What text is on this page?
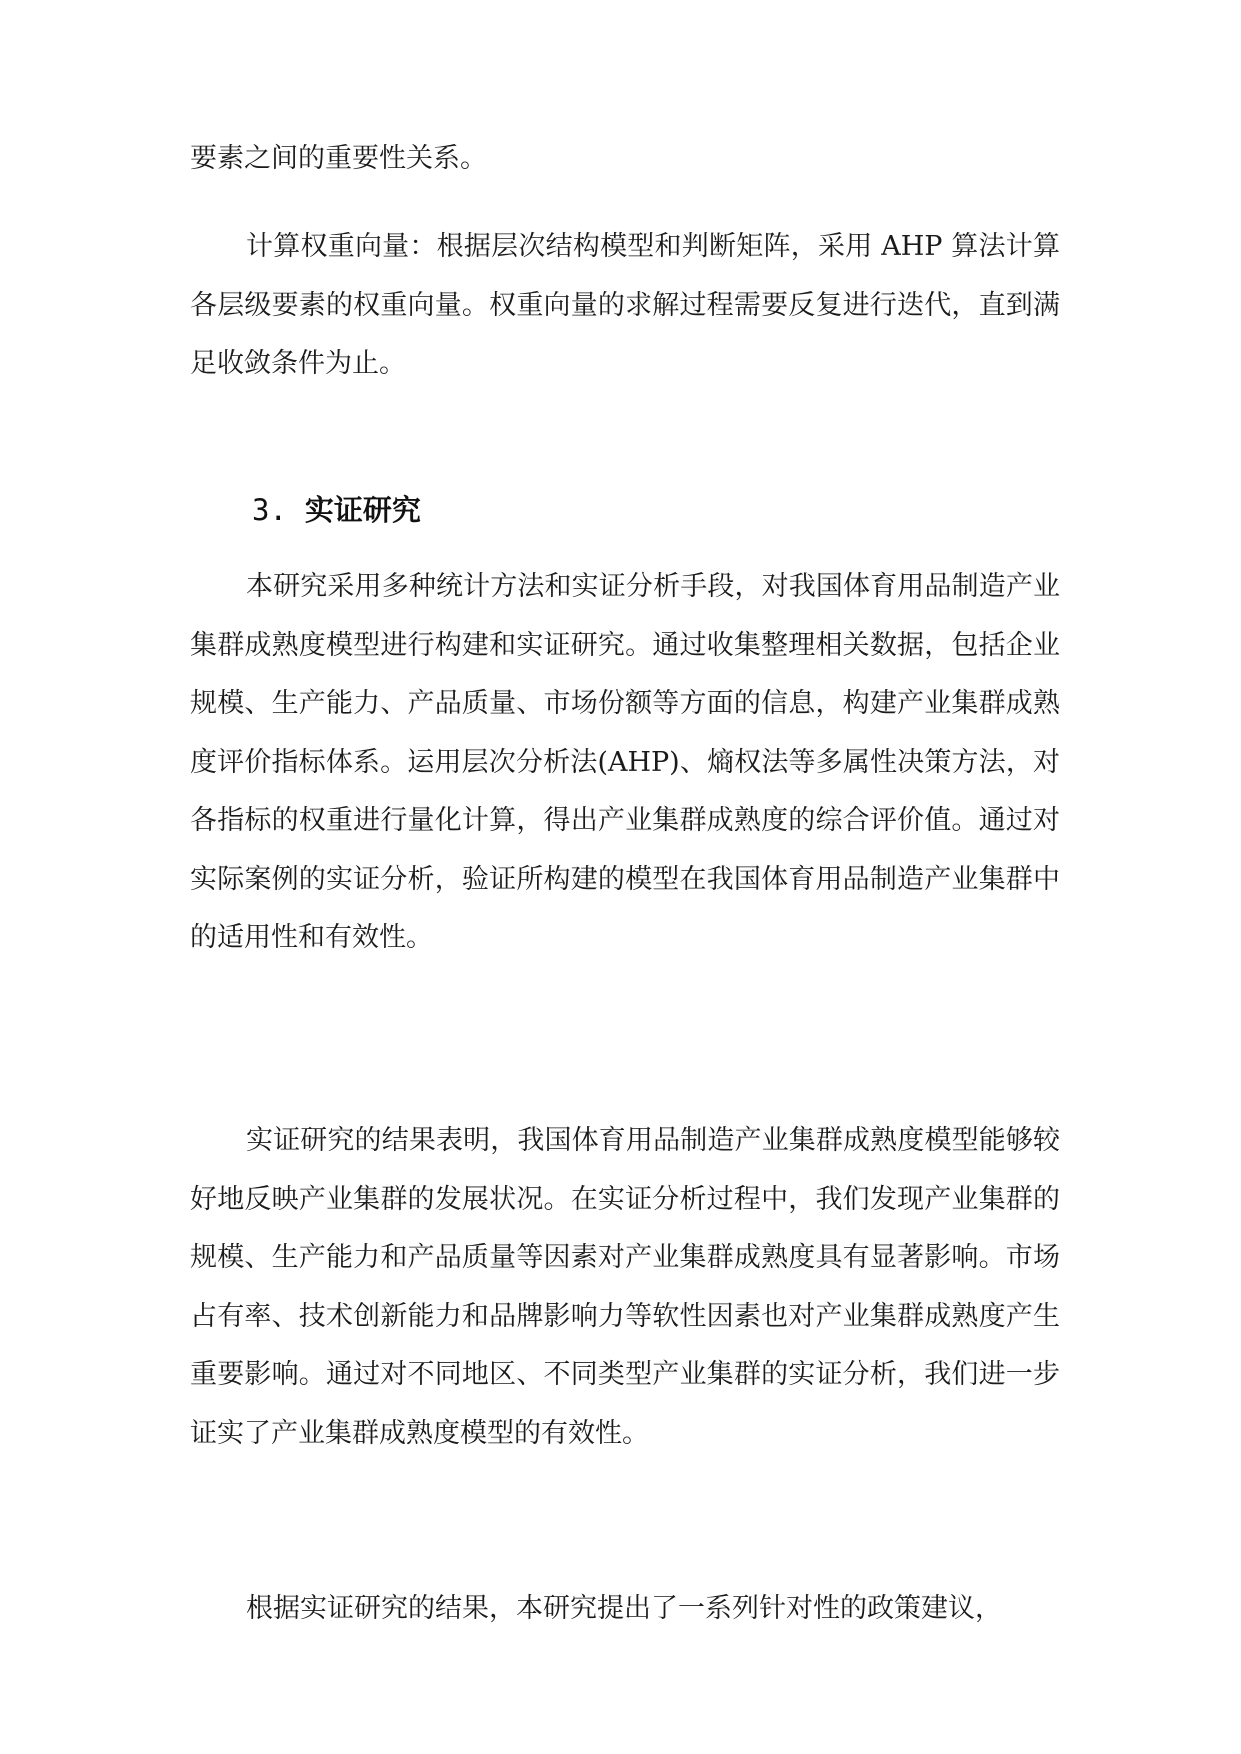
要素之间的重要性关系。

计算权重向量：根据层次结构模型和判断矩阵，采用 AHP 算法计算各层级要素的权重向量。权重向量的求解过程需要反复进行迭代，直到满足收敛条件为止。

3. 实证研究

本研究采用多种统计方法和实证分析手段，对我国体育用品制造产业集群成熟度模型进行构建和实证研究。通过收集整理相关数据，包括企业规模、生产能力、产品质量、市场份额等方面的信息，构建产业集群成熟度评价指标体系。运用层次分析法(AHP)、熵权法等多属性决策方法，对各指标的权重进行量化计算，得出产业集群成熟度的综合评价值。通过对实际案例的实证分析，验证所构建的模型在我国体育用品制造产业集群中的适用性和有效性。

实证研究的结果表明，我国体育用品制造产业集群成熟度模型能够较好地反映产业集群的发展状况。在实证分析过程中，我们发现产业集群的规模、生产能力和产品质量等因素对产业集群成熟度具有显著影响。市场占有率、技术创新能力和品牌影响力等软性因素也对产业集群成熟度产生重要影响。通过对不同地区、不同类型产业集群的实证分析，我们进一步证实了产业集群成熟度模型的有效性。

根据实证研究的结果，本研究提出了一系列针对性的政策建议，
